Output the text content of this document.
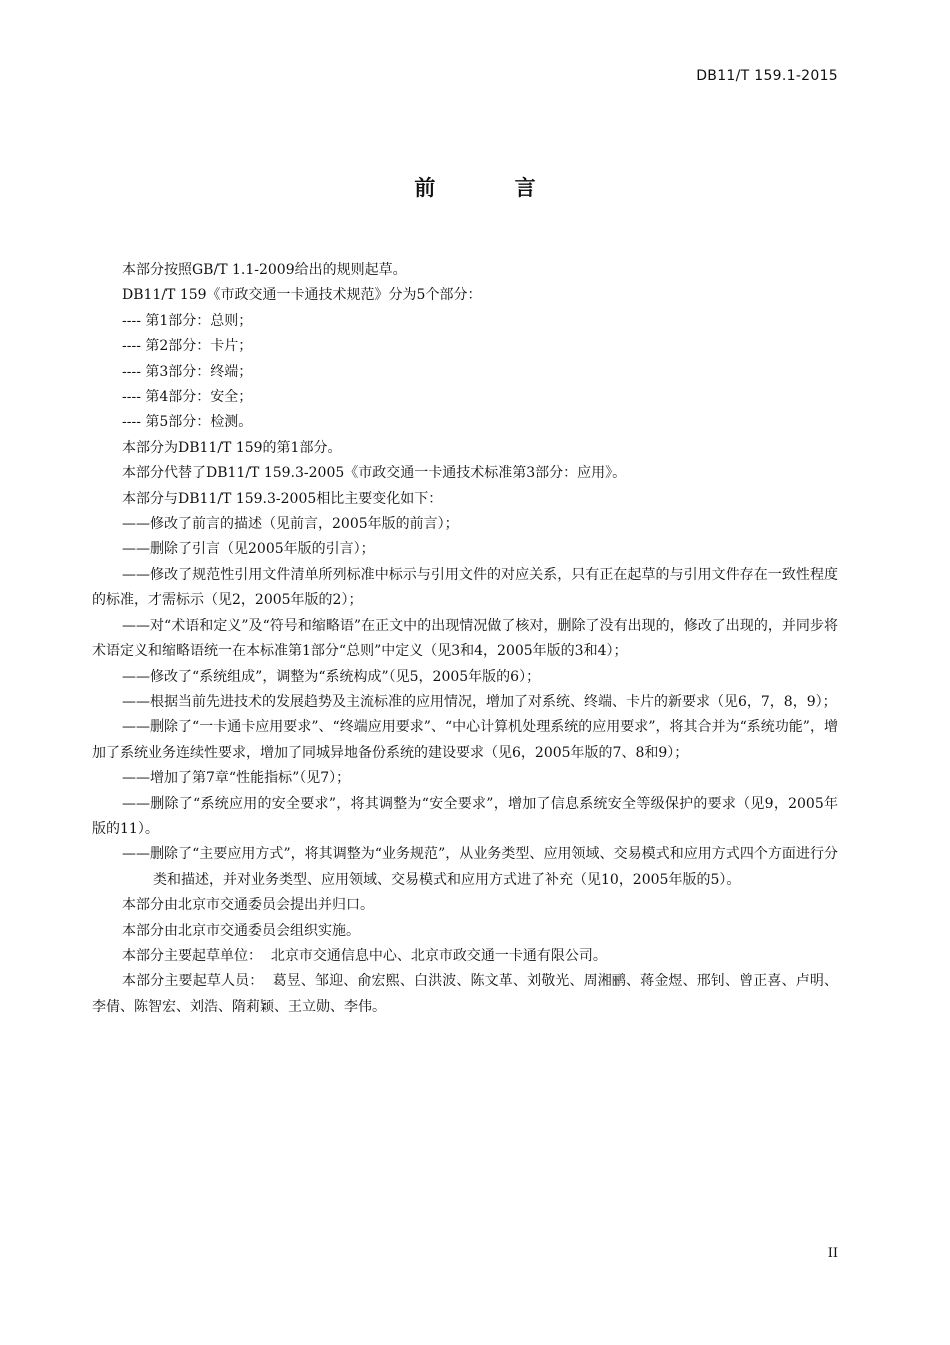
DB11/T 159.1-2015
前 言

本部分按照GB/T 1.1-2009给出的规则起草。

DB11/T 159《市政交通一卡通技术规范》分为5个部分：

---- 第1部分：总则；

---- 第2部分：卡片；

---- 第3部分：终端；

---- 第4部分：安全；

---- 第5部分：检测。

本部分为DB11/T 159的第1部分。

本部分代替了DB11/T 159.3-2005《市政交通一卡通技术标准第3部分：应用》。

本部分与DB11/T 159.3-2005相比主要变化如下：

——修改了前言的描述（见前言，2005年版的前言）；

——删除了引言（见2005年版的引言）；

——修改了规范性引用文件清单所列标准中标示与引用文件的对应关系，只有正在起草的与引用文件存在一致性程度的标准，才需标示（见2，2005年版的2）；

——对“术语和定义”及“符号和缩略语”在正文中的出现情况做了核对，删除了没有出现的，修改了出现的，并同步将术语定义和缩略语统一在本标准第1部分“总则”中定义（见3和4，2005年版的3和4）；

——修改了“系统组成”，调整为“系统构成”（见5，2005年版的6）；

——根据当前先进技术的发展趋势及主流标准的应用情况，增加了对系统、终端、卡片的新要求（见6，7，8，9）；

——删除了“一卡通卡应用要求”、“终端应用要求”、“中心计算机处理系统的应用要求”，将其合并为“系统功能”，增加了系统业务连续性要求，增加了同城异地备份系统的建设要求（见6，2005年版的7、8和9）；

——增加了第7章“性能指标”（见7）；

——删除了“系统应用的安全要求”，将其调整为“安全要求”，增加了信息系统安全等级保护的要求（见9，2005年版的11）。

——删除了“主要应用方式”，将其调整为“业务规范”，从业务类型、应用领域、交易模式和应用方式四个方面进行分类和描述，并对业务类型、应用领域、交易模式和应用方式进了补充（见10，2005年版的5）。

本部分由北京市交通委员会提出并归口。

本部分由北京市交通委员会组织实施。

本部分主要起草单位：  北京市交通信息中心、北京市政交通一卡通有限公司。

本部分主要起草人员：  葛昱、邹迎、俞宏熙、白洪波、陈文革、刘敬光、周湘鹂、蒋金煜、邢钊、曾正喜、卢明、李倩、陈智宏、刘浩、隋莉颖、王立勋、李伟。

II
